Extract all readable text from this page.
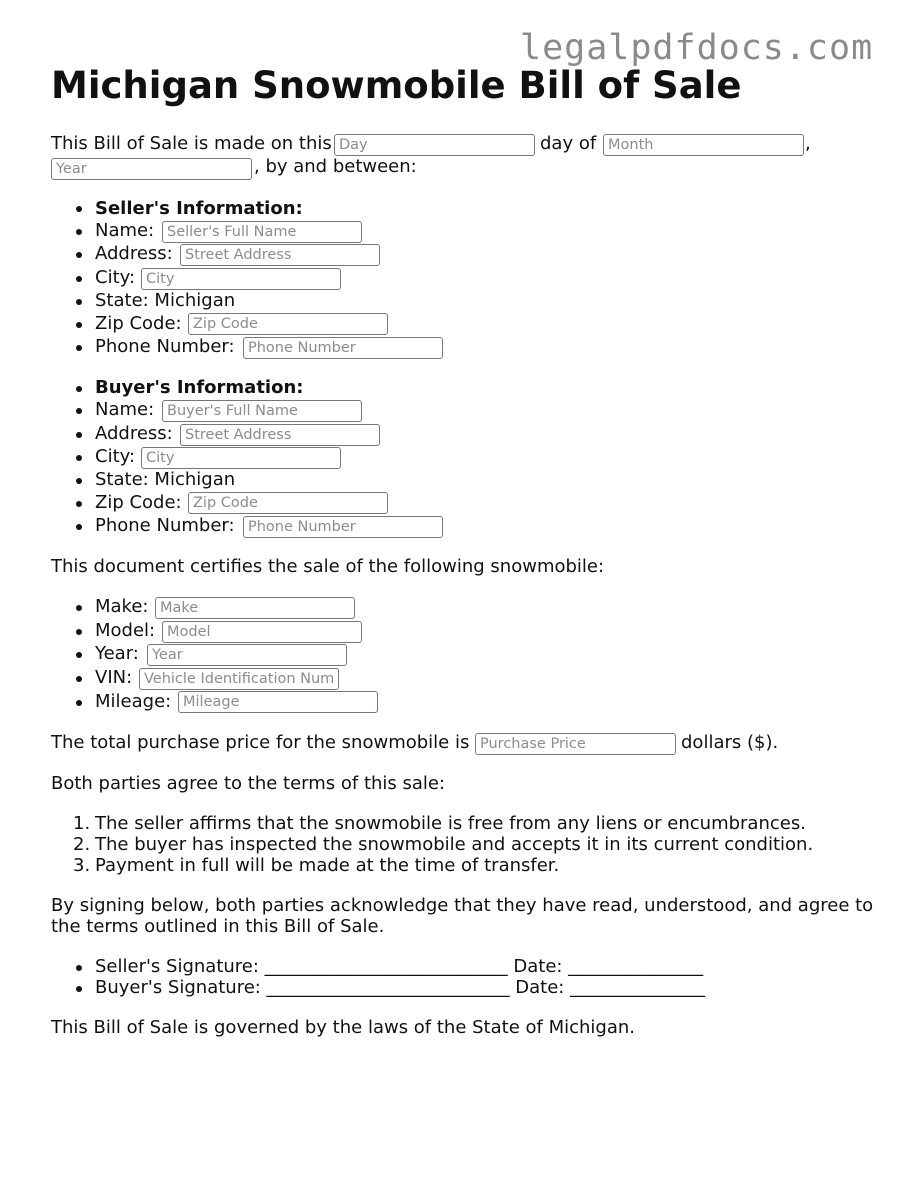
legalpdfdocs.com
Michigan Snowmobile Bill of Sale
This Bill of Sale is made on this
Day	day of
Month	,
Year
, by and between:
Seller's Information:
Name:
Seller's Full Name
Address:
Street Address
City:
City
State: Michigan
Zip Code:
Zip Code
Phone Number:
Phone Number
Buyer's Information:
Name:
Buyer's Full Name
Address:
Street Address
City:
City
State: Michigan
Zip Code:
Zip Code
Phone Number:
Phone Number
This document certifies the sale of the following snowmobile:
Make:
Make
Model:
Model
Year:
Year
VIN:
Vehicle Identification Number
Mileage:
Mileage
The total purchase price for the snowmobile is
Purchase Price	dollars ($).
Both parties agree to the terms of this sale:
1. The seller affirms that the snowmobile is free from any liens or encumbrances.
2. The buyer has inspected the snowmobile and accepts it in its current condition.
3. Payment in full will be made at the time of transfer.
By signing below, both parties acknowledge that they have read, understood, and agree to
the terms outlined in this Bill of Sale.
Seller's Signature: ___________________________ Date: _______________
Buyer's Signature: ___________________________ Date: _______________
This Bill of Sale is governed by the laws of the State of Michigan.
